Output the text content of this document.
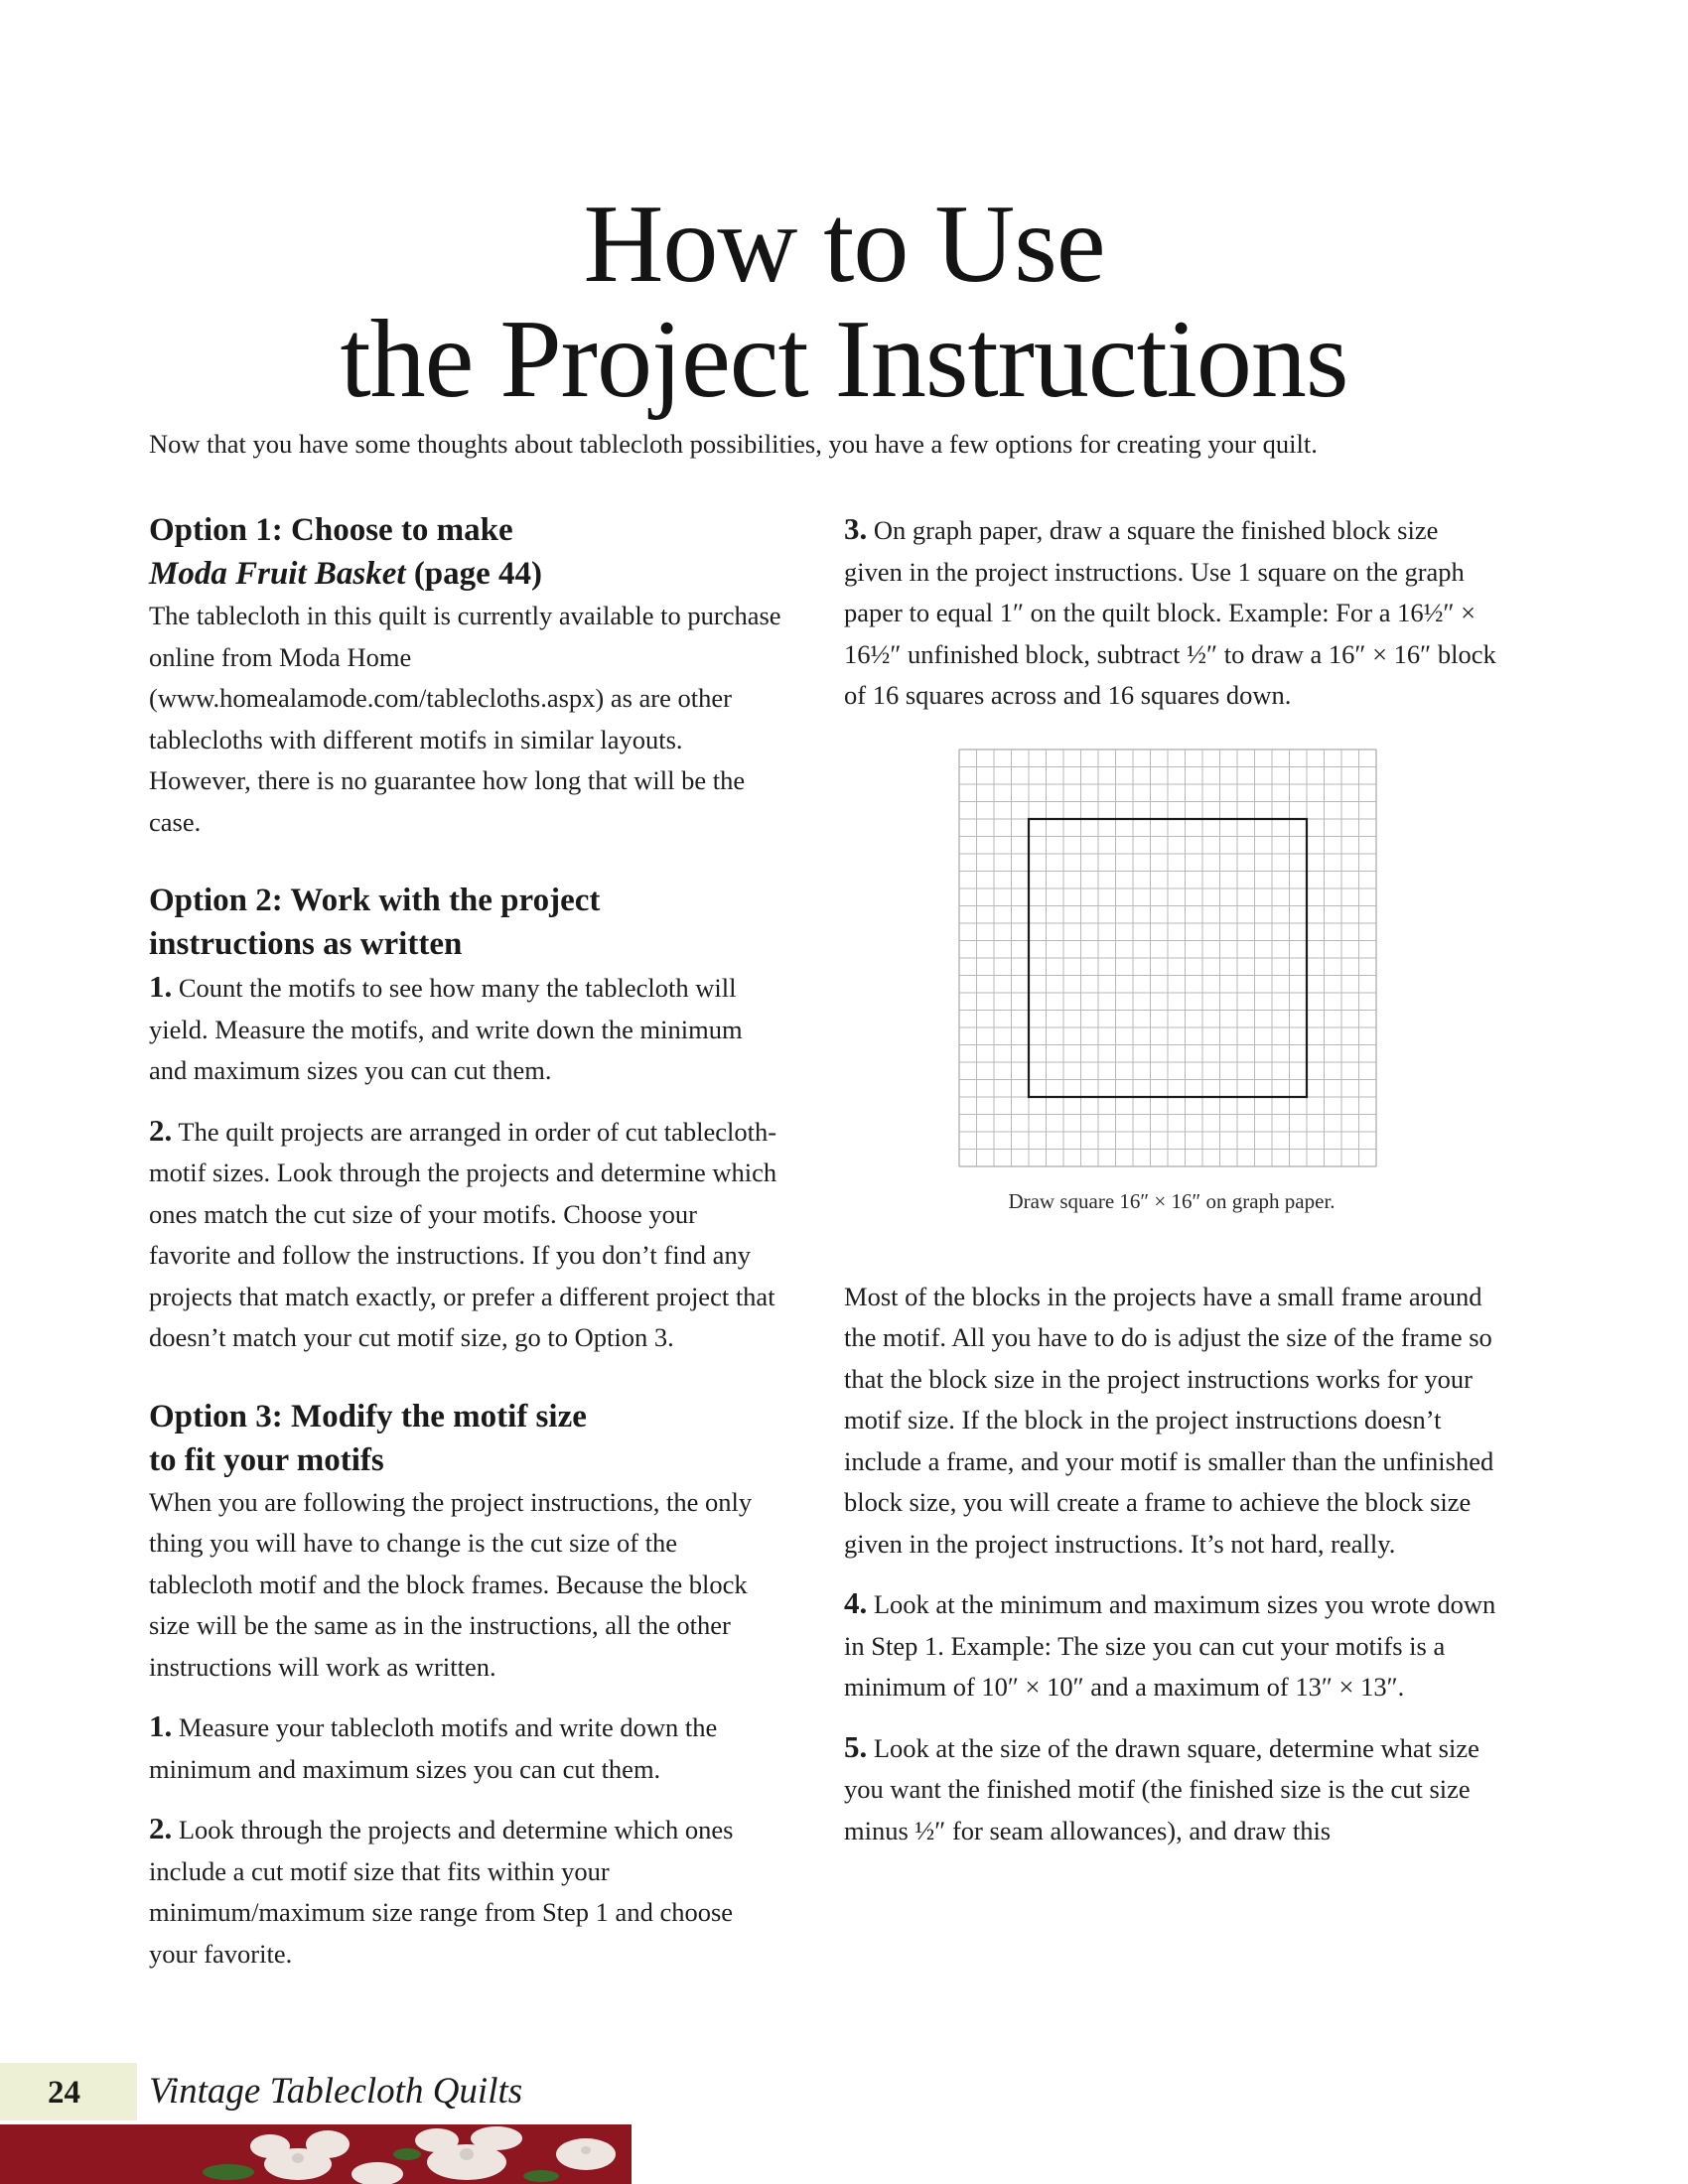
How to Use
the Project Instructions

Now that you have some thoughts about tablecloth possibilities, you have a few options for creating your quilt.

Option 1: Choose to make
Moda Fruit Basket (page 44)

The tablecloth in this quilt is currently available to purchase online from Moda Home (www.homealamode.com/tablecloths.aspx) as are other tablecloths with different motifs in similar layouts. However, there is no guarantee how long that will be the case.

Option 2: Work with the project
instructions as written

1. Count the motifs to see how many the tablecloth will yield. Measure the motifs, and write down the minimum and maximum sizes you can cut them.

2. The quilt projects are arranged in order of cut tablecloth-motif sizes. Look through the projects and determine which ones match the cut size of your motifs. Choose your favorite and follow the instructions. If you don’t find any projects that match exactly, or prefer a different project that doesn’t match your cut motif size, go to Option 3.

Option 3: Modify the motif size
to fit your motifs

When you are following the project instructions, the only thing you will have to change is the cut size of the tablecloth motif and the block frames. Because the block size will be the same as in the instructions, all the other instructions will work as written.

1. Measure your tablecloth motifs and write down the minimum and maximum sizes you can cut them.

2. Look through the projects and determine which ones include a cut motif size that fits within your minimum/maximum size range from Step 1 and choose your favorite.

3. On graph paper, draw a square the finished block size given in the project instructions. Use 1 square on the graph paper to equal 1″ on the quilt block. Example: For a 16½″ × 16½″ unfinished block, subtract ½″ to draw a 16″ × 16″ block of 16 squares across and 16 squares down.

Draw square 16″ × 16″ on graph paper.

Most of the blocks in the projects have a small frame around the motif. All you have to do is adjust the size of the frame so that the block size in the project instructions works for your motif size. If the block in the project instructions doesn’t include a frame, and your motif is smaller than the unfinished block size, you will create a frame to achieve the block size given in the project instructions. It’s not hard, really.

4. Look at the minimum and maximum sizes you wrote down in Step 1. Example: The size you can cut your motifs is a minimum of 10″ × 10″ and a maximum of 13″ × 13″.

5. Look at the size of the drawn square, determine what size you want the finished motif (the finished size is the cut size minus ½″ for seam allowances), and draw this

24 Vintage Tablecloth Quilts
